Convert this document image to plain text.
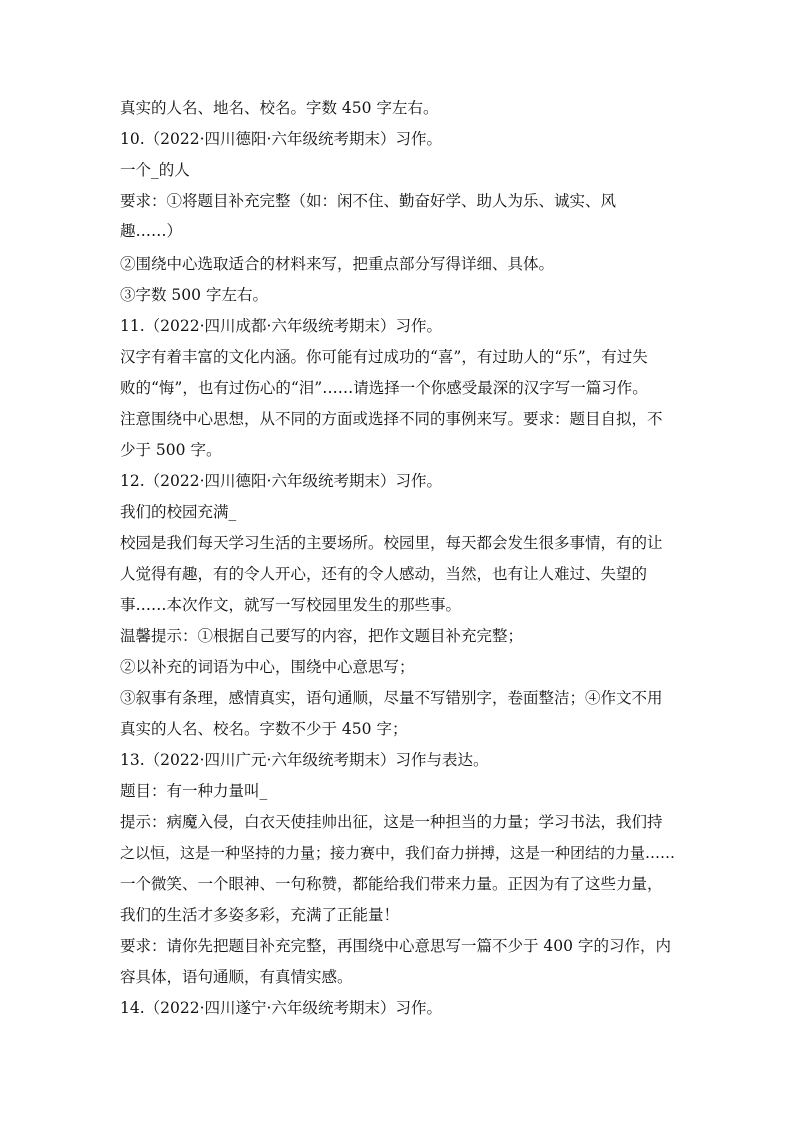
真实的人名、地名、校名。字数 450 字左右。
10.（2022·四川德阳·六年级统考期末）习作。
一个_的人
要求：①将题目补充完整（如：闲不住、勤奋好学、助人为乐、诚实、风
趣……）
②围绕中心选取适合的材料来写，把重点部分写得详细、具体。
③字数 500 字左右。
11.（2022·四川成都·六年级统考期末）习作。
汉字有着丰富的文化内涵。你可能有过成功的“喜”，有过助人的“乐”，有过失
败的“悔”，也有过伤心的“泪”……请选择一个你感受最深的汉字写一篇习作。
注意围绕中心思想，从不同的方面或选择不同的事例来写。要求：题目自拟，不
少于 500 字。
12.（2022·四川德阳·六年级统考期末）习作。
我们的校园充满_
校园是我们每天学习生活的主要场所。校园里，每天都会发生很多事情，有的让
人觉得有趣，有的令人开心，还有的令人感动，当然，也有让人难过、失望的
事……本次作文，就写一写校园里发生的那些事。
温馨提示：①根据自己要写的内容，把作文题目补充完整；
②以补充的词语为中心，围绕中心意思写；
③叙事有条理，感情真实，语句通顺，尽量不写错别字，卷面整洁；④作文不用
真实的人名、校名。字数不少于 450 字；
13.（2022·四川广元·六年级统考期末）习作与表达。
题目：有一种力量叫_
提示：病魔入侵，白衣天使挂帅出征，这是一种担当的力量；学习书法，我们持
之以恒，这是一种坚持的力量；接力赛中，我们奋力拼搏，这是一种团结的力量……
一个微笑、一个眼神、一句称赞，都能给我们带来力量。正因为有了这些力量，
我们的生活才多姿多彩，充满了正能量！
要求：请你先把题目补充完整，再围绕中心意思写一篇不少于 400 字的习作，内
容具体，语句通顺，有真情实感。
14.（2022·四川遂宁·六年级统考期末）习作。
